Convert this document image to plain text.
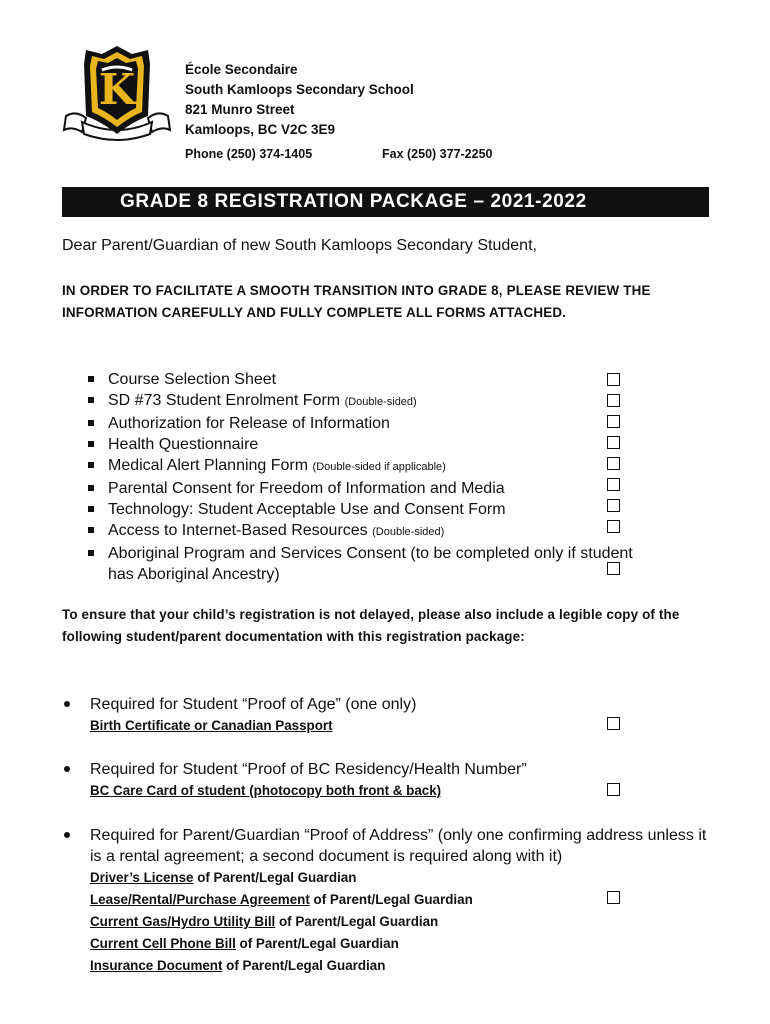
K	École Secondaire
South Kamloops Secondary School
821 Munro Street
Kamloops, BC V2C 3E9
Phone (250) 374-1405	Fax (250) 377-2250
GRADE 8 REGISTRATION PACKAGE – 2021-2022
Dear Parent/Guardian of new South Kamloops Secondary Student,
IN ORDER TO FACILITATE A SMOOTH TRANSITION INTO GRADE 8, PLEASE REVIEW THE INFORMATION CAREFULLY AND FULLY COMPLETE ALL FORMS ATTACHED.
Course Selection Sheet
SD #73 Student Enrolment Form (Double-sided)
Authorization for Release of Information
Health Questionnaire
Medical Alert Planning Form (Double-sided if applicable)
Parental Consent for Freedom of Information and Media
Technology: Student Acceptable Use and Consent Form
Access to Internet-Based Resources (Double-sided)
Aboriginal Program and Services Consent (to be completed only if student has Aboriginal Ancestry)
To ensure that your child’s registration is not delayed, please also include a legible copy of the following student/parent documentation with this registration package:
Required for Student “Proof of Age” (one only)
Birth Certificate or Canadian Passport
Required for Student “Proof of BC Residency/Health Number”
BC Care Card of student (photocopy both front & back)
Required for Parent/Guardian “Proof of Address” (only one confirming address unless it is a rental agreement; a second document is required along with it)
Driver’s License of Parent/Legal Guardian
Lease/Rental/Purchase Agreement of Parent/Legal Guardian
Current Gas/Hydro Utility Bill of Parent/Legal Guardian
Current Cell Phone Bill of Parent/Legal Guardian
Insurance Document of Parent/Legal Guardian
